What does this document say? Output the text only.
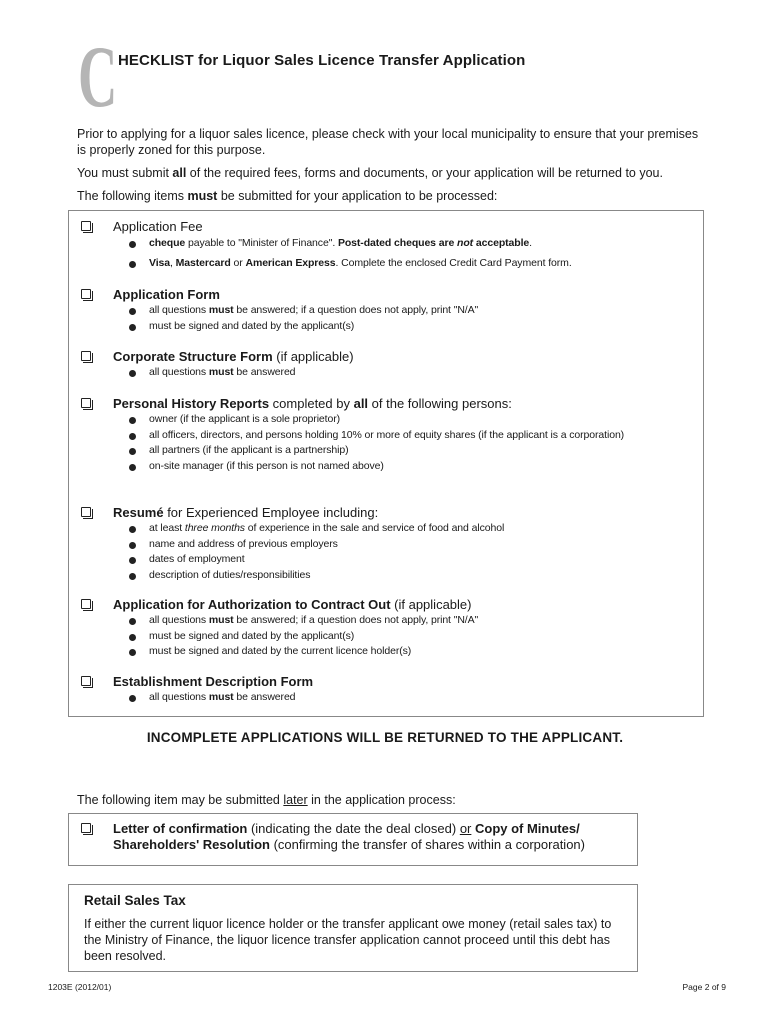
C HECKLIST for Liquor Sales Licence Transfer Application
Prior to applying for a liquor sales licence, please check with your local municipality to ensure that your premises is properly zoned for this purpose.
You must submit all of the required fees, forms and documents, or your application will be returned to you.
The following items must be submitted for your application to be processed:
Application Fee
cheque payable to "Minister of Finance". Post-dated cheques are not acceptable.
Visa, Mastercard or American Express. Complete the enclosed Credit Card Payment form.
Application Form
all questions must be answered; if a question does not apply, print "N/A"
must be signed and dated by the applicant(s)
Corporate Structure Form (if applicable)
all questions must be answered
Personal History Reports completed by all of the following persons:
owner (if the applicant is a sole proprietor)
all officers, directors, and persons holding 10% or more of equity shares (if the applicant is a corporation)
all partners (if the applicant is a partnership)
on-site manager (if this person is not named above)
Resumé for Experienced Employee including:
at least three months of experience in the sale and service of food and alcohol
name and address of previous employers
dates of employment
description of duties/responsibilities
Application for Authorization to Contract Out (if applicable)
all questions must be answered; if a question does not apply, print "N/A"
must be signed and dated by the applicant(s)
must be signed and dated by the current licence holder(s)
Establishment Description Form
all questions must be answered
INCOMPLETE APPLICATIONS WILL BE RETURNED TO THE APPLICANT.
The following item may be submitted later in the application process:
Letter of confirmation (indicating the date the deal closed) or Copy of Minutes/
Shareholders' Resolution (confirming the transfer of shares within a corporation)
Retail Sales Tax
If either the current liquor licence holder or the transfer applicant owe money (retail sales tax) to the Ministry of Finance, the liquor licence transfer application cannot proceed until this debt has been resolved.
1203E (2012/01)	Page 2 of 9
